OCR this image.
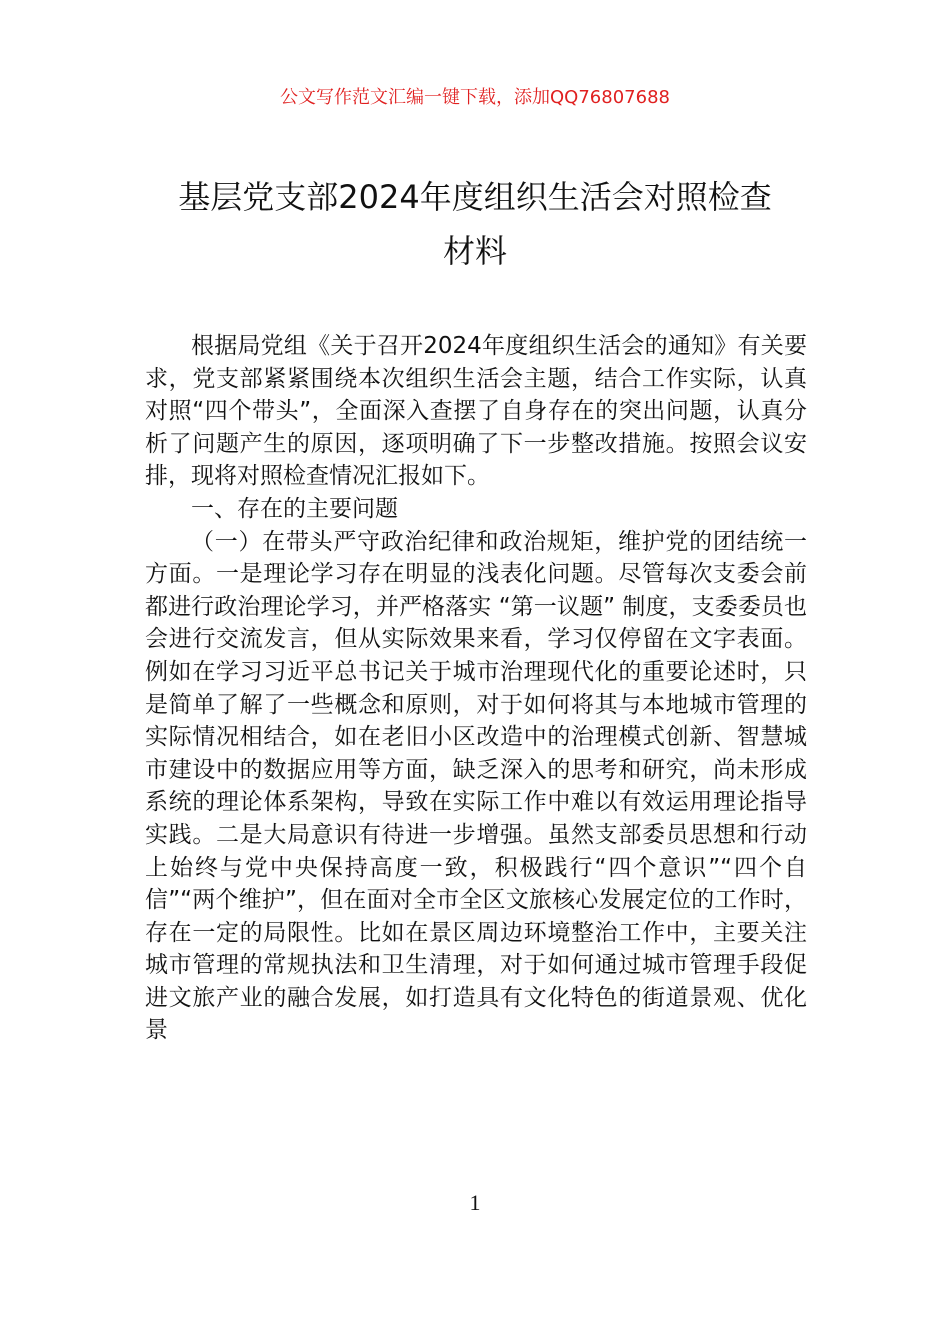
公文写作范文汇编一键下载，添加QQ76807688
基层党支部2024年度组织生活会对照检查
材料

根据局党组《关于召开2024年度组织生活会的通知》有关要求，党支部紧紧围绕本次组织生活会主题，结合工作实际，认真对照“四个带头”，全面深入查摆了自身存在的突出问题，认真分析了问题产生的原因，逐项明确了下一步整改措施。按照会议安排，现将对照检查情况汇报如下。

一、存在的主要问题

（一）在带头严守政治纪律和政治规矩，维护党的团结统一方面。一是理论学习存在明显的浅表化问题。尽管每次支委会前都进行政治理论学习，并严格落实 “第一议题” 制度，支委委员也会进行交流发言，但从实际效果来看，学习仅停留在文字表面。例如在学习习近平总书记关于城市治理现代化的重要论述时，只是简单了解了一些概念和原则，对于如何将其与本地城市管理的实际情况相结合，如在老旧小区改造中的治理模式创新、智慧城市建设中的数据应用等方面，缺乏深入的思考和研究，尚未形成系统的理论体系架构，导致在实际工作中难以有效运用理论指导实践。二是大局意识有待进一步增强。虽然支部委员思想和行动上始终与党中央保持高度一致，积极践行“四个意识”“四个自信”“两个维护”，但在面对全市全区文旅核心发展定位的工作时，存在一定的局限性。比如在景区周边环境整治工作中，主要关注城市管理的常规执法和卫生清理，对于如何通过城市管理手段促进文旅产业的融合发展，如打造具有文化特色的街道景观、优化景

1
